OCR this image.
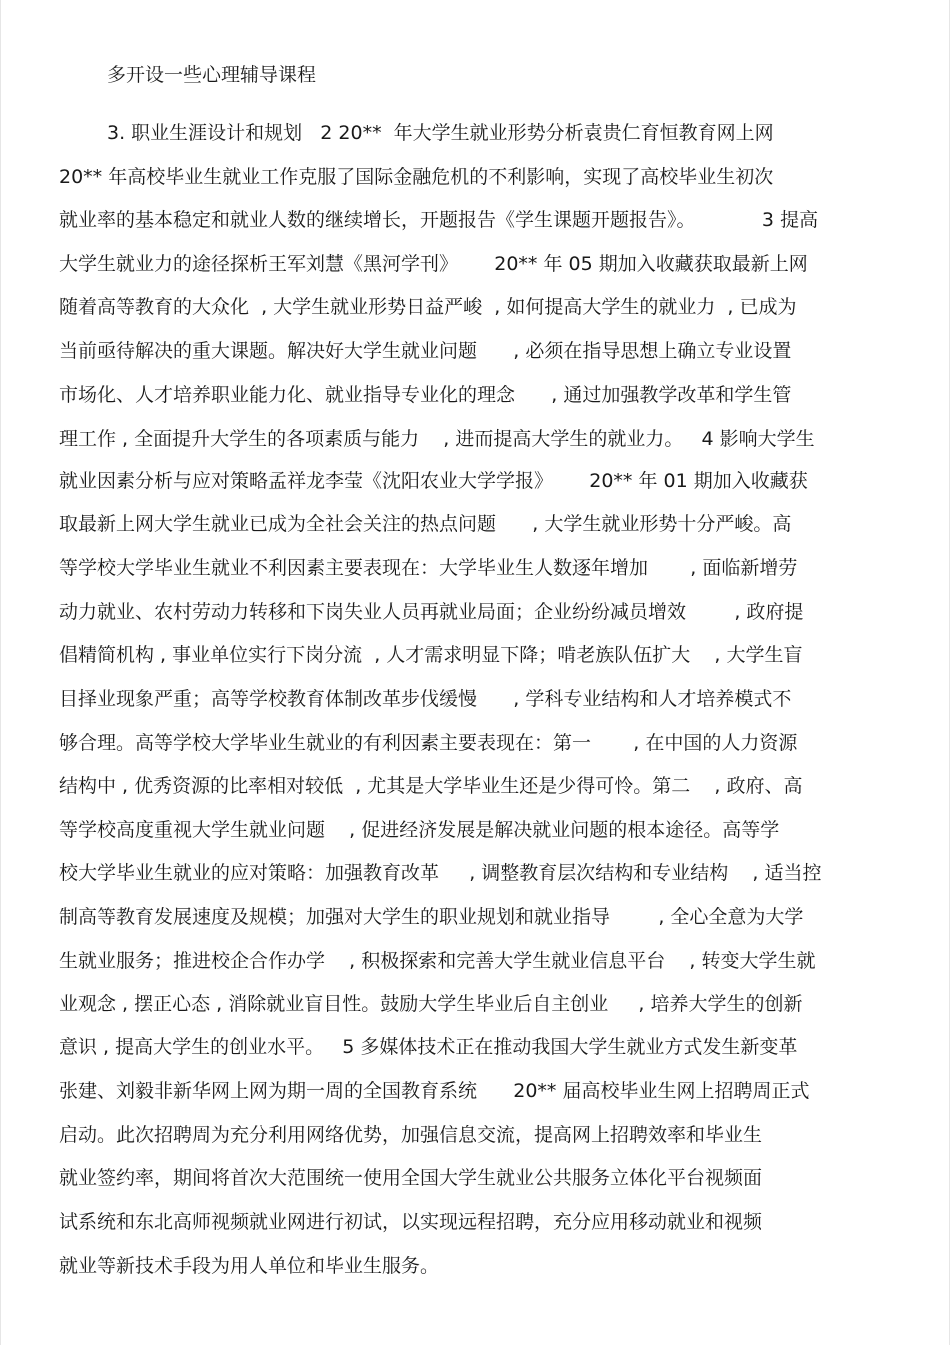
多开设一些心理辅导课程
3. 职业生涯设计和规划   2 20**  年大学生就业形势分析袁贵仁育恒教育网上网
20** 年高校毕业生就业工作克服了国际金融危机的不利影响，实现了高校毕业生初次
就业率的基本稳定和就业人数的继续增长，开题报告《学生课题开题报告》。           3 提高
大学生就业力的途径探析王军刘慧《黑河学刊》      20** 年 05 期加入收藏获取最新上网
随着高等教育的大众化  , 大学生就业形势日益严峻  , 如何提高大学生的就业力  , 已成为
当前亟待解决的重大课题。解决好大学生就业问题      , 必须在指导思想上确立专业设置
市场化、人才培养职业能力化、就业指导专业化的理念      , 通过加强教学改革和学生管
理工作 , 全面提升大学生的各项素质与能力    , 进而提高大学生的就业力。   4 影响大学生
就业因素分析与应对策略孟祥龙李莹《沈阳农业大学学报》      20** 年 01 期加入收藏获
取最新上网大学生就业已成为全社会关注的热点问题      , 大学生就业形势十分严峻。高
等学校大学毕业生就业不利因素主要表现在：大学毕业生人数逐年增加       , 面临新增劳
动力就业、农村劳动力转移和下岗失业人员再就业局面；企业纷纷减员增效        , 政府提
倡精简机构 , 事业单位实行下岗分流  , 人才需求明显下降；啃老族队伍扩大    , 大学生盲
目择业现象严重；高等学校教育体制改革步伐缓慢      , 学科专业结构和人才培养模式不
够合理。高等学校大学毕业生就业的有利因素主要表现在：第一       , 在中国的人力资源
结构中 , 优秀资源的比率相对较低  , 尤其是大学毕业生还是少得可怜。第二    , 政府、高
等学校高度重视大学生就业问题    , 促进经济发展是解决就业问题的根本途径。高等学
校大学毕业生就业的应对策略：加强教育改革     , 调整教育层次结构和专业结构    , 适当控
制高等教育发展速度及规模；加强对大学生的职业规划和就业指导        , 全心全意为大学
生就业服务；推进校企合作办学    , 积极探索和完善大学生就业信息平台    , 转变大学生就
业观念 , 摆正心态 , 消除就业盲目性。鼓励大学生毕业后自主创业     , 培养大学生的创新
意识 , 提高大学生的创业水平。   5 多媒体技术正在推动我国大学生就业方式发生新变革
张建、刘毅非新华网上网为期一周的全国教育系统      20** 届高校毕业生网上招聘周正式
启动。此次招聘周为充分利用网络优势，加强信息交流，提高网上招聘效率和毕业生
就业签约率，期间将首次大范围统一使用全国大学生就业公共服务立体化平台视频面
试系统和东北高师视频就业网进行初试，以实现远程招聘，充分应用移动就业和视频
就业等新技术手段为用人单位和毕业生服务。
